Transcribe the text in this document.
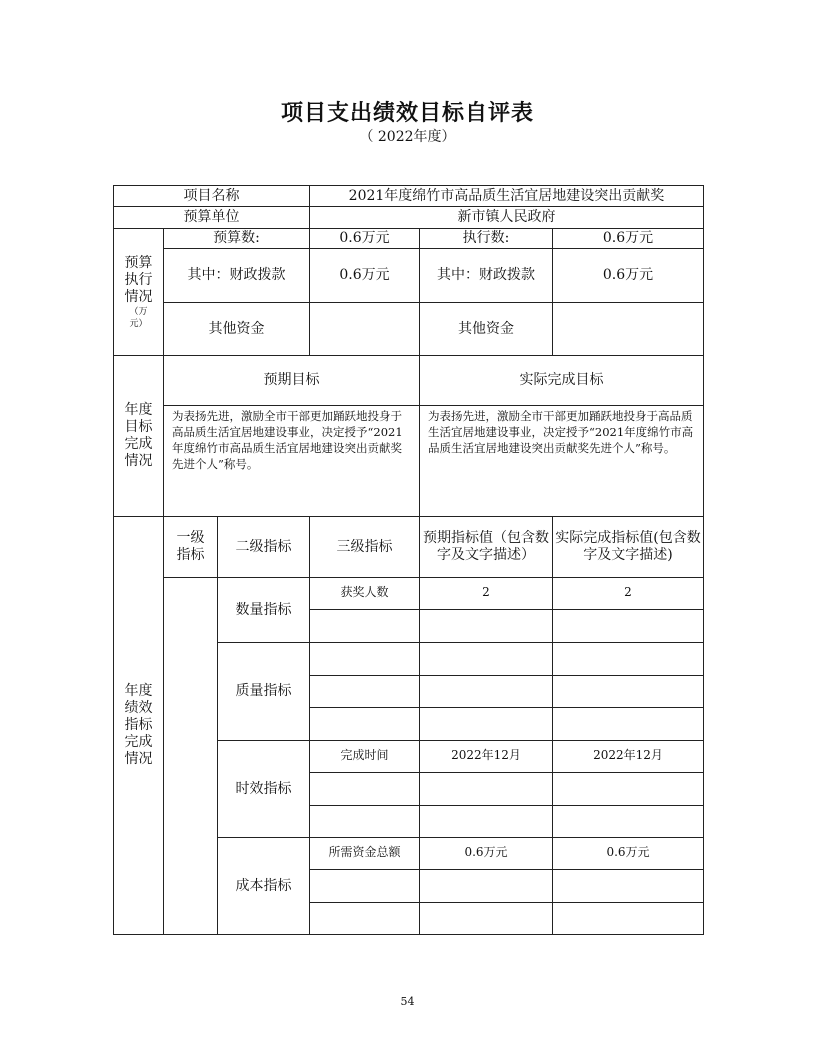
项目支出绩效目标自评表
（ 2022年度）
项目名称			2021年度绵竹市高品质生活宜居地建设突出贡献奖		
预算单位			新市镇人民政府		

预算执行情况
（万元）	预算数:		0.6万元	执行数:	0.6万元
	其中：财政拨款		0.6万元	其中：财政拨款	0.6万元
	其他资金			其他资金	

年度目标完成情况	预期目标			实际完成目标	
	为表扬先进，激励全市干部更加踊跃地投身于高品质生活宜居地建设事业，决定授予“2021年度绵竹市高品质生活宜居地建设突出贡献奖先进个人”称号。			为表扬先进，激励全市干部更加踊跃地投身于高品质生活宜居地建设事业，决定授予“2021年度绵竹市高品质生活宜居地建设突出贡献奖先进个人”称号。	

年度绩效指标完成情况	一级指标	二级指标	三级指标	预期指标值（包含数字及文字描述）	实际完成指标值(包含数字及文字描述)
		数量指标	获奖人数	2	2

		质量指标			

		时效指标	完成时间	2022年12月	2022年12月

		成本指标	所需资金总额	0.6万元	0.6万元

54
